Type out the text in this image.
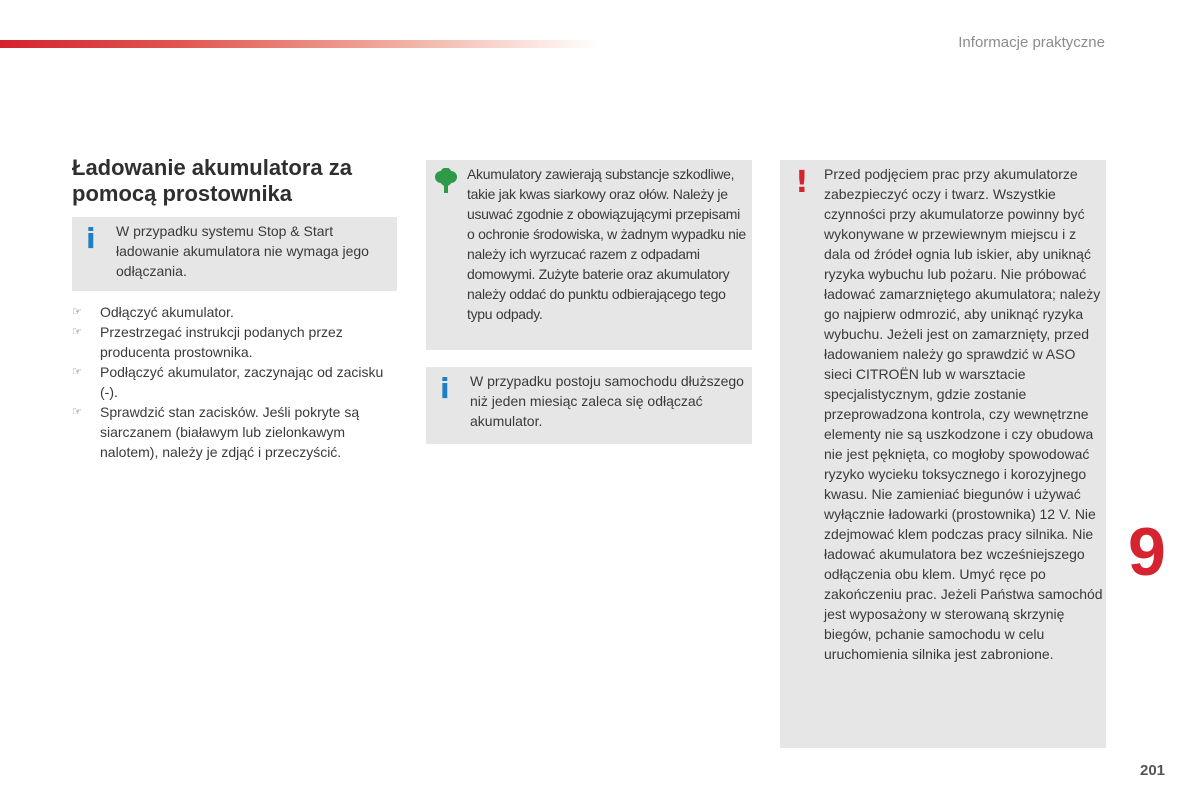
Informacje praktyczne
Ładowanie akumulatora za pomocą prostownika
i W przypadku systemu Stop & Start ładowanie akumulatora nie wymaga jego odłączania.
☞	Odłączyć akumulator.
☞	Przestrzegać instrukcji podanych przez producenta prostownika.
☞	Podłączyć akumulator, zaczynając od zacisku (-).
☞	Sprawdzić stan zacisków. Jeśli pokryte są siarczanem (białawym lub zielonkawym nalotem), należy je zdjąć i przeczyścić.
Akumulatory zawierają substancje szkodliwe, takie jak kwas siarkowy oraz ołów. Należy je usuwać zgodnie z obowiązującymi przepisami o ochronie środowiska, w żadnym wypadku nie należy ich wyrzucać razem z odpadami domowymi. Zużyte baterie oraz akumulatory należy oddać do punktu odbierającego tego typu odpady.
i W przypadku postoju samochodu dłuższego niż jeden miesiąc zaleca się odłączać akumulator.
! Przed podjęciem prac przy akumulatorze zabezpieczyć oczy i twarz. Wszystkie czynności przy akumulatorze powinny być wykonywane w przewiewnym miejscu i z dala od źródeł ognia lub iskier, aby uniknąć ryzyka wybuchu lub pożaru. Nie próbować ładować zamarzniętego akumulatora; należy go najpierw odmrozić, aby uniknąć ryzyka wybuchu. Jeżeli jest on zamarznięty, przed ładowaniem należy go sprawdzić w ASO sieci CITROËN lub w warsztacie specjalistycznym, gdzie zostanie przeprowadzona kontrola, czy wewnętrzne elementy nie są uszkodzone i czy obudowa nie jest pęknięta, co mogłoby spowodować ryzyko wycieku toksycznego i korozyjnego kwasu. Nie zamieniać biegunów i używać wyłącznie ładowarki (prostownika) 12 V. Nie zdejmować klem podczas pracy silnika. Nie ładować akumulatora bez wcześniejszego odłączenia obu klem. Umyć ręce po zakończeniu prac. Jeżeli Państwa samochód jest wyposażony w sterowaną skrzynię biegów, pchanie samochodu w celu uruchomienia silnika jest zabronione.
9
201
